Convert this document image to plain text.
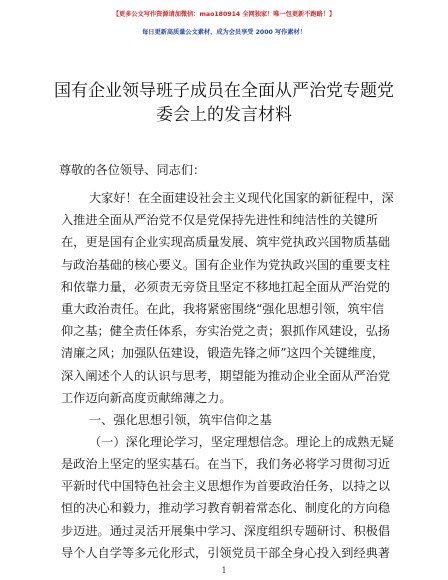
【更多公文写作资源请加微信：mao180914 全网独家！唯一包更新不跑路！】
每日更新高质量公文素材，成为会员享受 2000 写作素材！
国有企业领导班子成员在全面从严治党专题党
委会上的发言材料
尊敬的各位领导、同志们：
大家好！在全面建设社会主义现代化国家的新征程中，深
入推进全面从严治党不仅是党保持先进性和纯洁性的关键所
在，更是国有企业实现高质量发展、筑牢党执政兴国物质基础
与政治基础的核心要义。国有企业作为党执政兴国的重要支柱
和依靠力量，必须责无旁贷且坚定不移地扛起全面从严治党的
重大政治责任。在此，我将紧密围绕“强化思想引领，筑牢信
仰之基；健全责任体系，夯实治党之责；狠抓作风建设，弘扬
清廉之风；加强队伍建设，锻造先锋之师”这四个关键维度，
深入阐述个人的认识与思考，期望能为推动企业全面从严治党
工作迈向新高度贡献绵薄之力。
一、强化思想引领，筑牢信仰之基
（一）深化理论学习，坚定理想信念。理论上的成熟无疑
是政治上坚定的坚实基石。在当下，我们务必将学习贯彻习近
平新时代中国特色社会主义思想作为首要政治任务，以持之以
恒的决心和毅力，推动学习教育朝着常态化、制度化的方向稳
步迈进。通过灵活开展集中学习、深度组织专题研讨、积极倡
导个人自学等多元化形式，引领党员干部全身心投入到经典著
1
